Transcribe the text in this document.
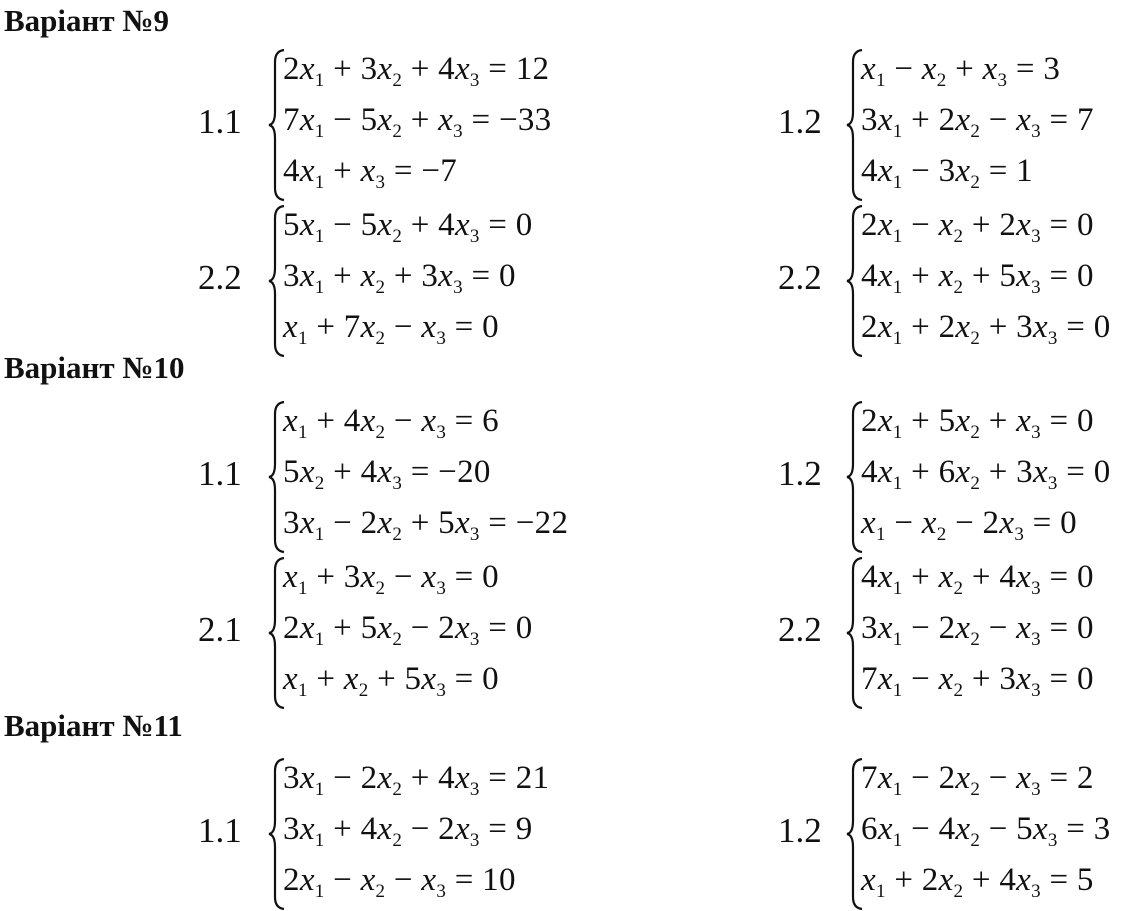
Варіант №9
1.1
$2x_1 + 3x_2 + 4x_3 = 12$
$7x_1 - 5x_2 + x_3 = -33$
$4x_1 + x_3 = -7$
1.2
$x_1 - x_2 + x_3 = 3$
$3x_1 + 2x_2 - x_3 = 7$
$4x_1 - 3x_2 = 1$
2.2
$5x_1 - 5x_2 + 4x_3 = 0$
$3x_1 + x_2 + 3x_3 = 0$
$x_1 + 7x_2 - x_3 = 0$
2.2
$2x_1 - x_2 + 2x_3 = 0$
$4x_1 + x_2 + 5x_3 = 0$
$2x_1 + 2x_2 + 3x_3 = 0$
Варіант №10
1.1
$x_1 + 4x_2 - x_3 = 6$
$5x_2 + 4x_3 = -20$
$3x_1 - 2x_2 + 5x_3 = -22$
1.2
$2x_1 + 5x_2 + x_3 = 0$
$4x_1 + 6x_2 + 3x_3 = 0$
$x_1 - x_2 - 2x_3 = 0$
2.1
$x_1 + 3x_2 - x_3 = 0$
$2x_1 + 5x_2 - 2x_3 = 0$
$x_1 + x_2 + 5x_3 = 0$
2.2
$4x_1 + x_2 + 4x_3 = 0$
$3x_1 - 2x_2 - x_3 = 0$
$7x_1 - x_2 + 3x_3 = 0$
Варіант №11
1.1
$3x_1 - 2x_2 + 4x_3 = 21$
$3x_1 + 4x_2 - 2x_3 = 9$
$2x_1 - x_2 - x_3 = 10$
1.2
$7x_1 - 2x_2 - x_3 = 2$
$6x_1 - 4x_2 - 5x_3 = 3$
$x_1 + 2x_2 + 4x_3 = 5$
